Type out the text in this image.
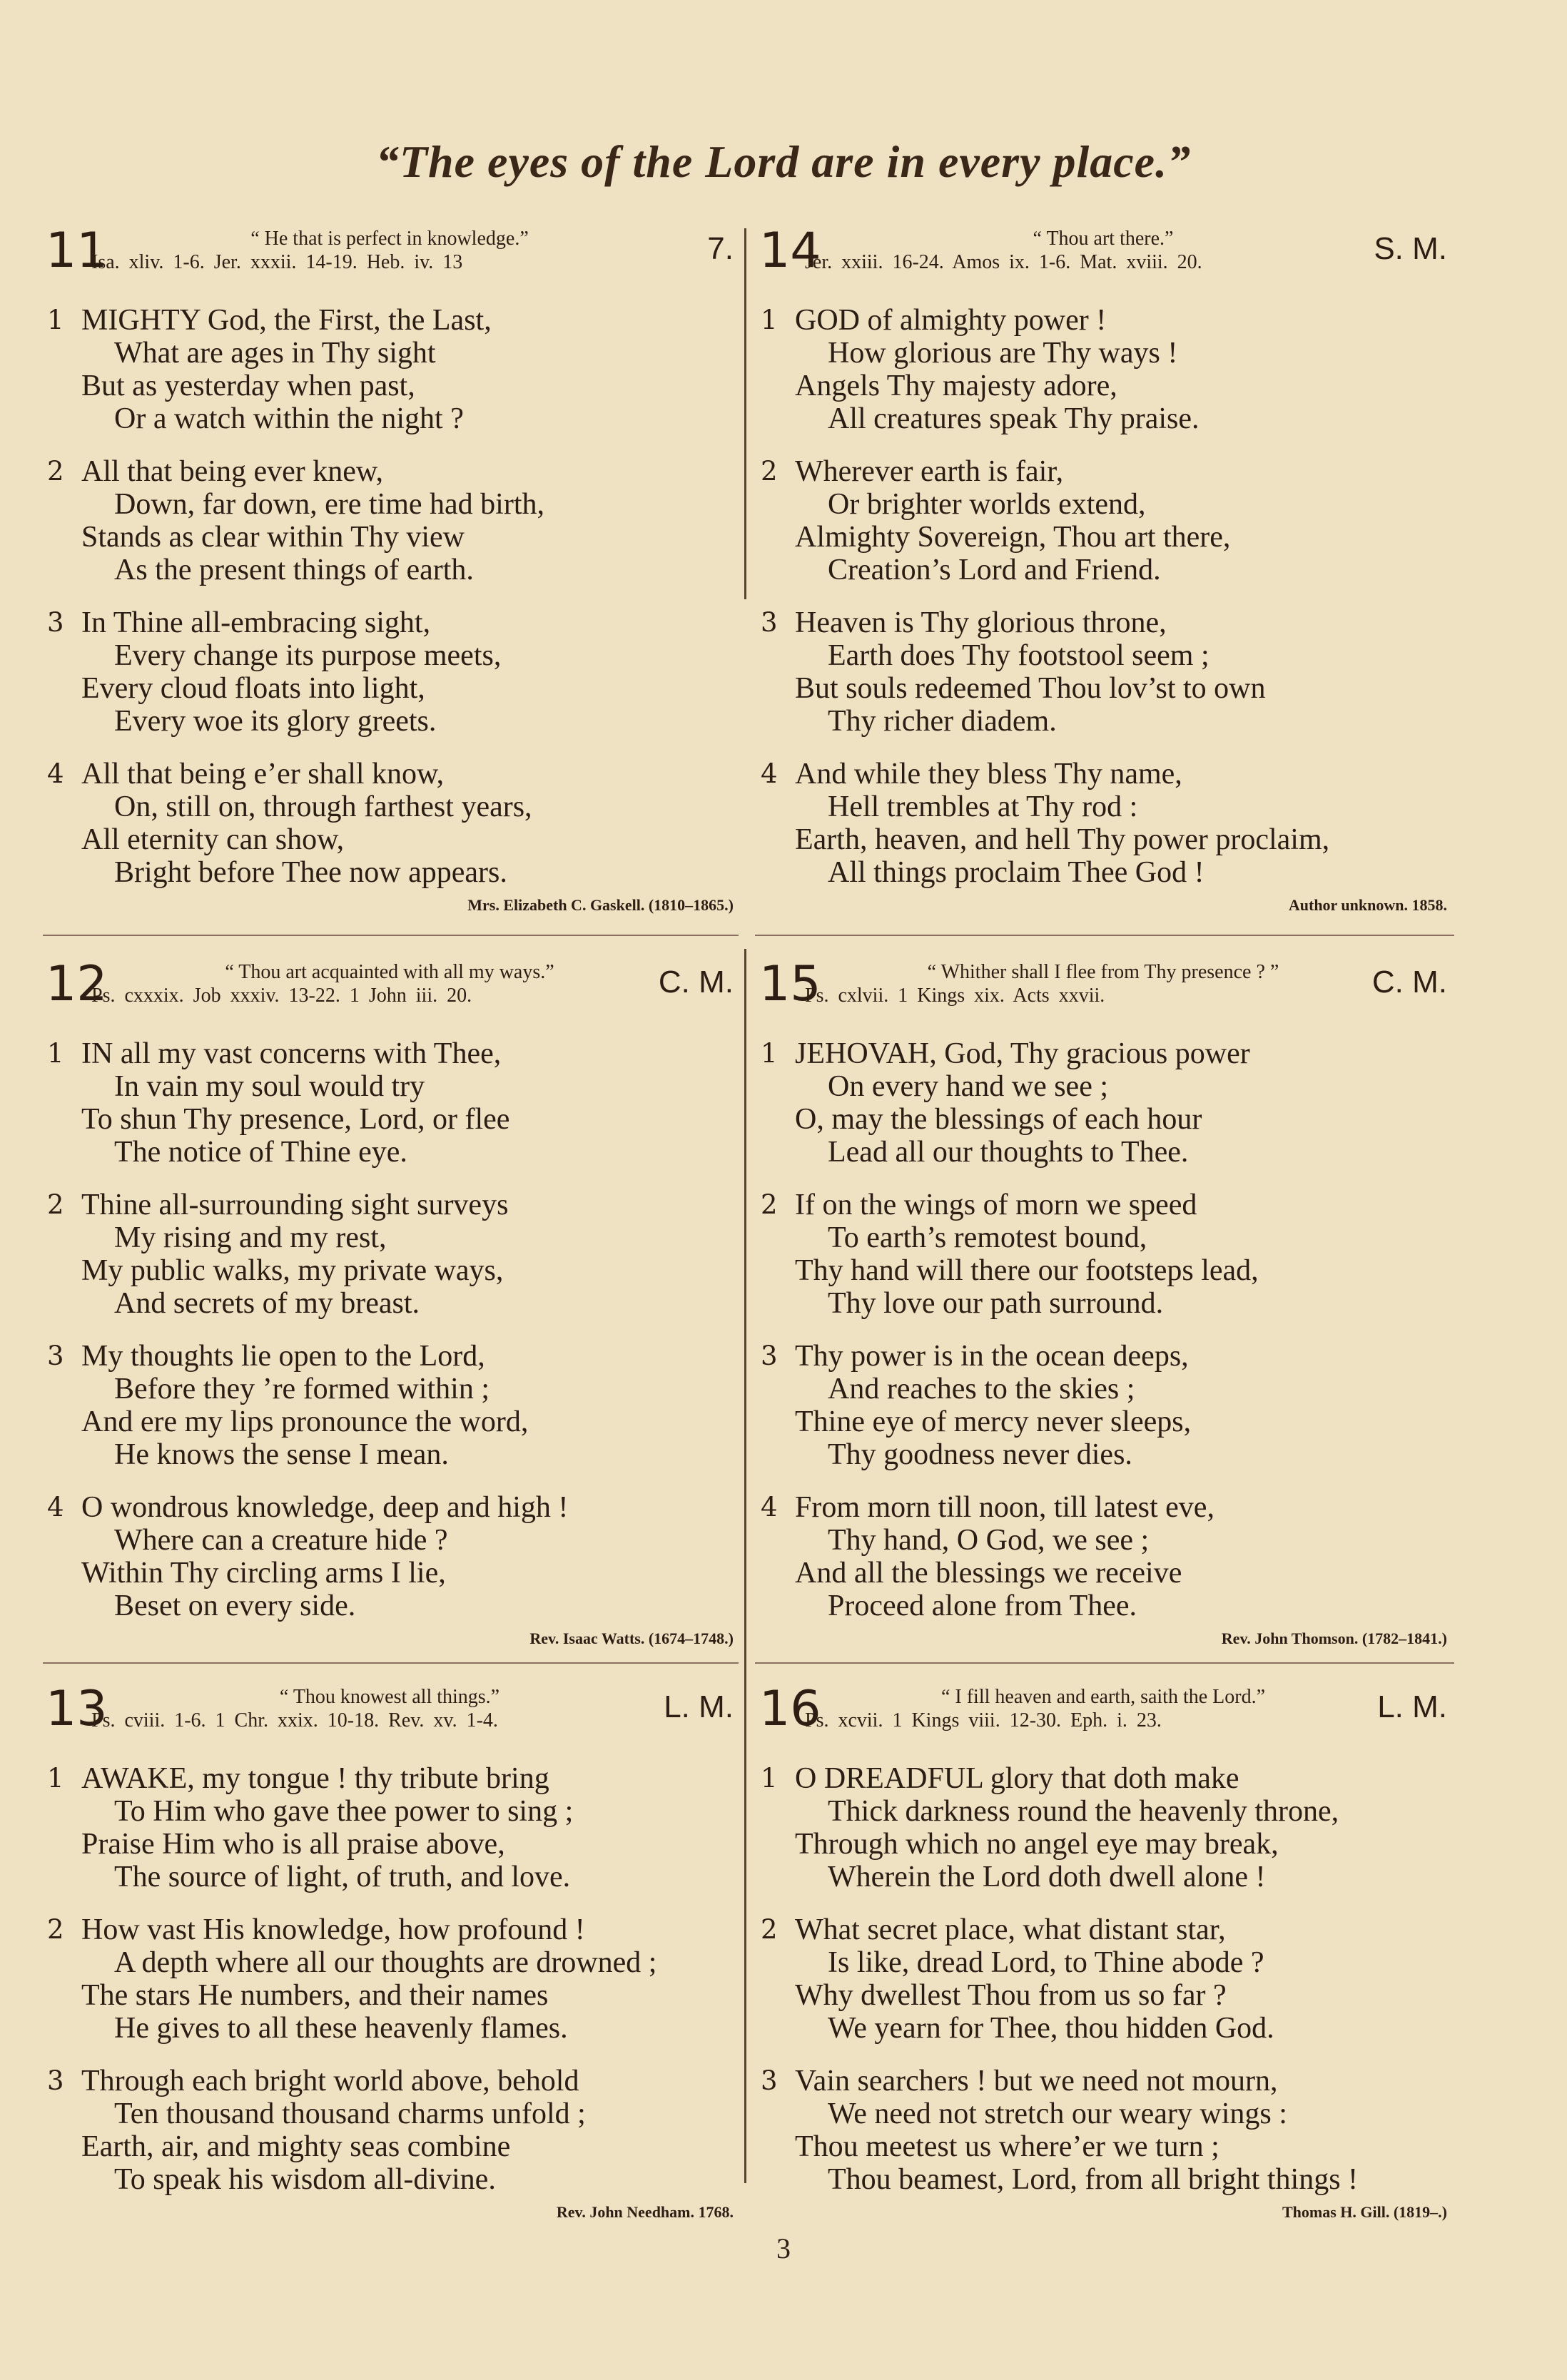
“The eyes of the Lord are in every place.”
11	“ He that is perfect in knowledge.”
Isa. xliv. 1-6. Jer. xxxii. 14-19. Heb. iv. 13	7.
1 MIGHTY God, the First, the Last,
What are ages in Thy sight
But as yesterday when past,
Or a watch within the night ?
2 All that being ever knew,
Down, far down, ere time had birth,
Stands as clear within Thy view
As the present things of earth.
3 In Thine all-embracing sight,
Every change its purpose meets,
Every cloud floats into light,
Every woe its glory greets.
4 All that being e’er shall know,
On, still on, through farthest years,
All eternity can show,
Bright before Thee now appears.
Mrs. Elizabeth C. Gaskell. (1810–1865.)
12	“ Thou art acquainted with all my ways.”
Ps. cxxxix. Job xxxiv. 13-22. 1 John iii. 20.	C. M.
1 IN all my vast concerns with Thee,
In vain my soul would try
To shun Thy presence, Lord, or flee
The notice of Thine eye.
2 Thine all-surrounding sight surveys
My rising and my rest,
My public walks, my private ways,
And secrets of my breast.
3 My thoughts lie open to the Lord,
Before they ’re formed within ;
And ere my lips pronounce the word,
He knows the sense I mean.
4 O wondrous knowledge, deep and high !
Where can a creature hide ?
Within Thy circling arms I lie,
Beset on every side.
Rev. Isaac Watts. (1674–1748.)
13	“ Thou knowest all things.”
Ps. cviii. 1-6. 1 Chr. xxix. 10-18. Rev. xv. 1-4.	L. M.
1 AWAKE, my tongue ! thy tribute bring
To Him who gave thee power to sing ;
Praise Him who is all praise above,
The source of light, of truth, and love.
2 How vast His knowledge, how profound !
A depth where all our thoughts are drowned ;
The stars He numbers, and their names
He gives to all these heavenly flames.
3 Through each bright world above, behold
Ten thousand thousand charms unfold ;
Earth, air, and mighty seas combine
To speak his wisdom all-divine.
Rev. John Needham. 1768.
14	“ Thou art there.”
Jer. xxiii. 16-24. Amos ix. 1-6. Mat. xviii. 20.	S. M.
1 GOD of almighty power !
How glorious are Thy ways !
Angels Thy majesty adore,
All creatures speak Thy praise.
2 Wherever earth is fair,
Or brighter worlds extend,
Almighty Sovereign, Thou art there,
Creation’s Lord and Friend.
3 Heaven is Thy glorious throne,
Earth does Thy footstool seem ;
But souls redeemed Thou lov’st to own
Thy richer diadem.
4 And while they bless Thy name,
Hell trembles at Thy rod :
Earth, heaven, and hell Thy power proclaim,
All things proclaim Thee God !
Author unknown. 1858.
15	“ Whither shall I flee from Thy presence ? ”
Ps. cxlvii. 1 Kings xix. Acts xxvii.	C. M.
1 JEHOVAH, God, Thy gracious power
On every hand we see ;
O, may the blessings of each hour
Lead all our thoughts to Thee.
2 If on the wings of morn we speed
To earth’s remotest bound,
Thy hand will there our footsteps lead,
Thy love our path surround.
3 Thy power is in the ocean deeps,
And reaches to the skies ;
Thine eye of mercy never sleeps,
Thy goodness never dies.
4 From morn till noon, till latest eve,
Thy hand, O God, we see ;
And all the blessings we receive
Proceed alone from Thee.
Rev. John Thomson. (1782–1841.)
16	“ I fill heaven and earth, saith the Lord.”
Ps. xcvii. 1 Kings viii. 12-30. Eph. i. 23.	L. M.
1 O DREADFUL glory that doth make
Thick darkness round the heavenly throne,
Through which no angel eye may break,
Wherein the Lord doth dwell alone !
2 What secret place, what distant star,
Is like, dread Lord, to Thine abode ?
Why dwellest Thou from us so far ?
We yearn for Thee, thou hidden God.
3 Vain searchers ! but we need not mourn,
We need not stretch our weary wings :
Thou meetest us where’er we turn ;
Thou beamest, Lord, from all bright things !
Thomas H. Gill. (1819–.)
3
